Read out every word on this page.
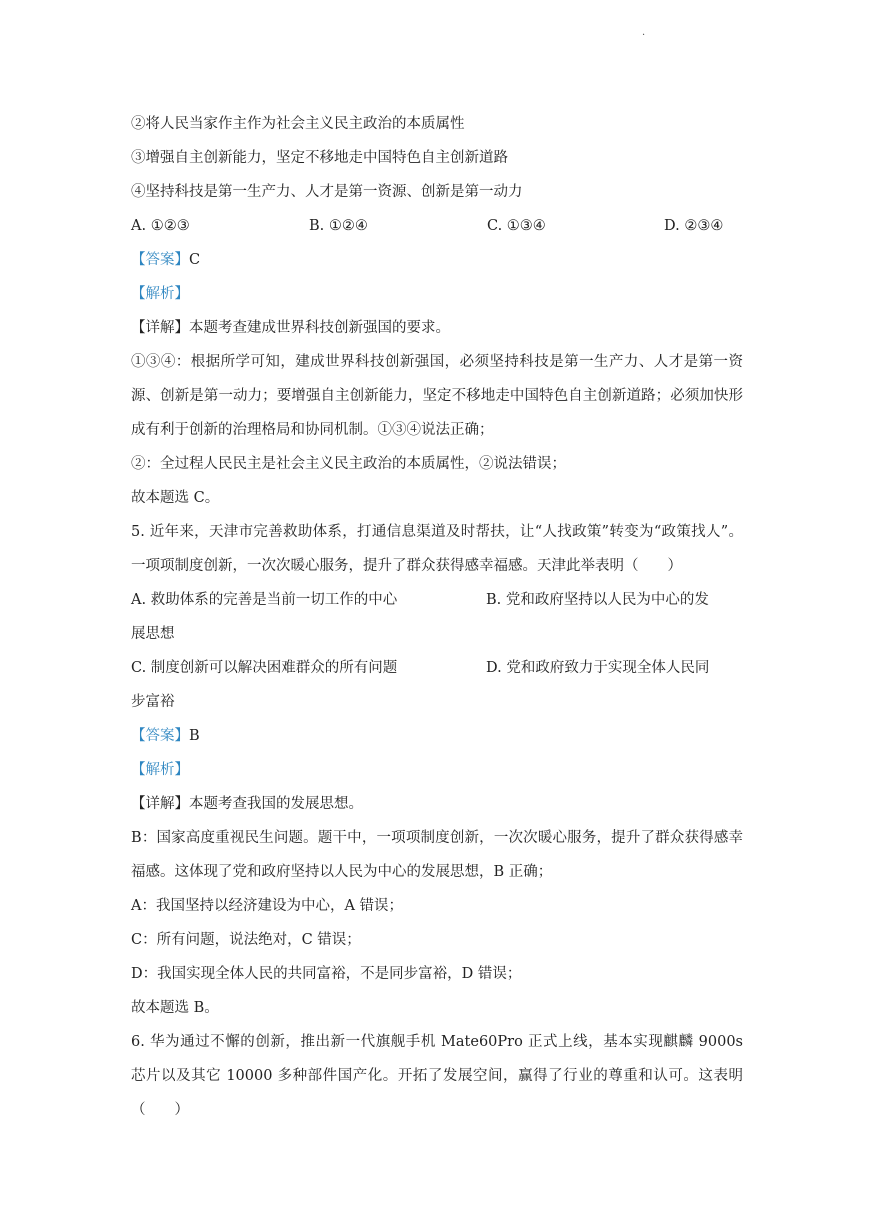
·
②将人民当家作主作为社会主义民主政治的本质属性
③增强自主创新能力，坚定不移地走中国特色自主创新道路
④坚持科技是第一生产力、人才是第一资源、创新是第一动力
A. ①②③	B. ①②④	C. ①③④	D. ②③④
【答案】C
【解析】
【详解】本题考查建成世界科技创新强国的要求。
①③④：根据所学可知，建成世界科技创新强国，必须坚持科技是第一生产力、人才是第一资源、创新是第一动力；要增强自主创新能力，坚定不移地走中国特色自主创新道路；必须加快形成有利于创新的治理格局和协同机制。①③④说法正确；
②：全过程人民民主是社会主义民主政治的本质属性，②说法错误；
故本题选 C。
5. 近年来，天津市完善救助体系，打通信息渠道及时帮扶，让“人找政策”转变为“政策找人”。一项项制度创新，一次次暖心服务，提升了群众获得感幸福感。天津此举表明（　　）
A. 救助体系的完善是当前一切工作的中心	B. 党和政府坚持以人民为中心的发
展思想
C. 制度创新可以解决困难群众的所有问题	D. 党和政府致力于实现全体人民同
步富裕
【答案】B
【解析】
【详解】本题考查我国的发展思想。
B：国家高度重视民生问题。题干中，一项项制度创新，一次次暖心服务，提升了群众获得感幸福感。这体现了党和政府坚持以人民为中心的发展思想，B 正确；
A：我国坚持以经济建设为中心，A 错误；
C：所有问题，说法绝对，C 错误；
D：我国实现全体人民的共同富裕，不是同步富裕，D 错误；
故本题选 B。
6. 华为通过不懈的创新，推出新一代旗舰手机 Mate60Pro 正式上线，基本实现麒麟 9000s 芯片以及其它 10000 多种部件国产化。开拓了发展空间，赢得了行业的尊重和认可。这表明（　　）
